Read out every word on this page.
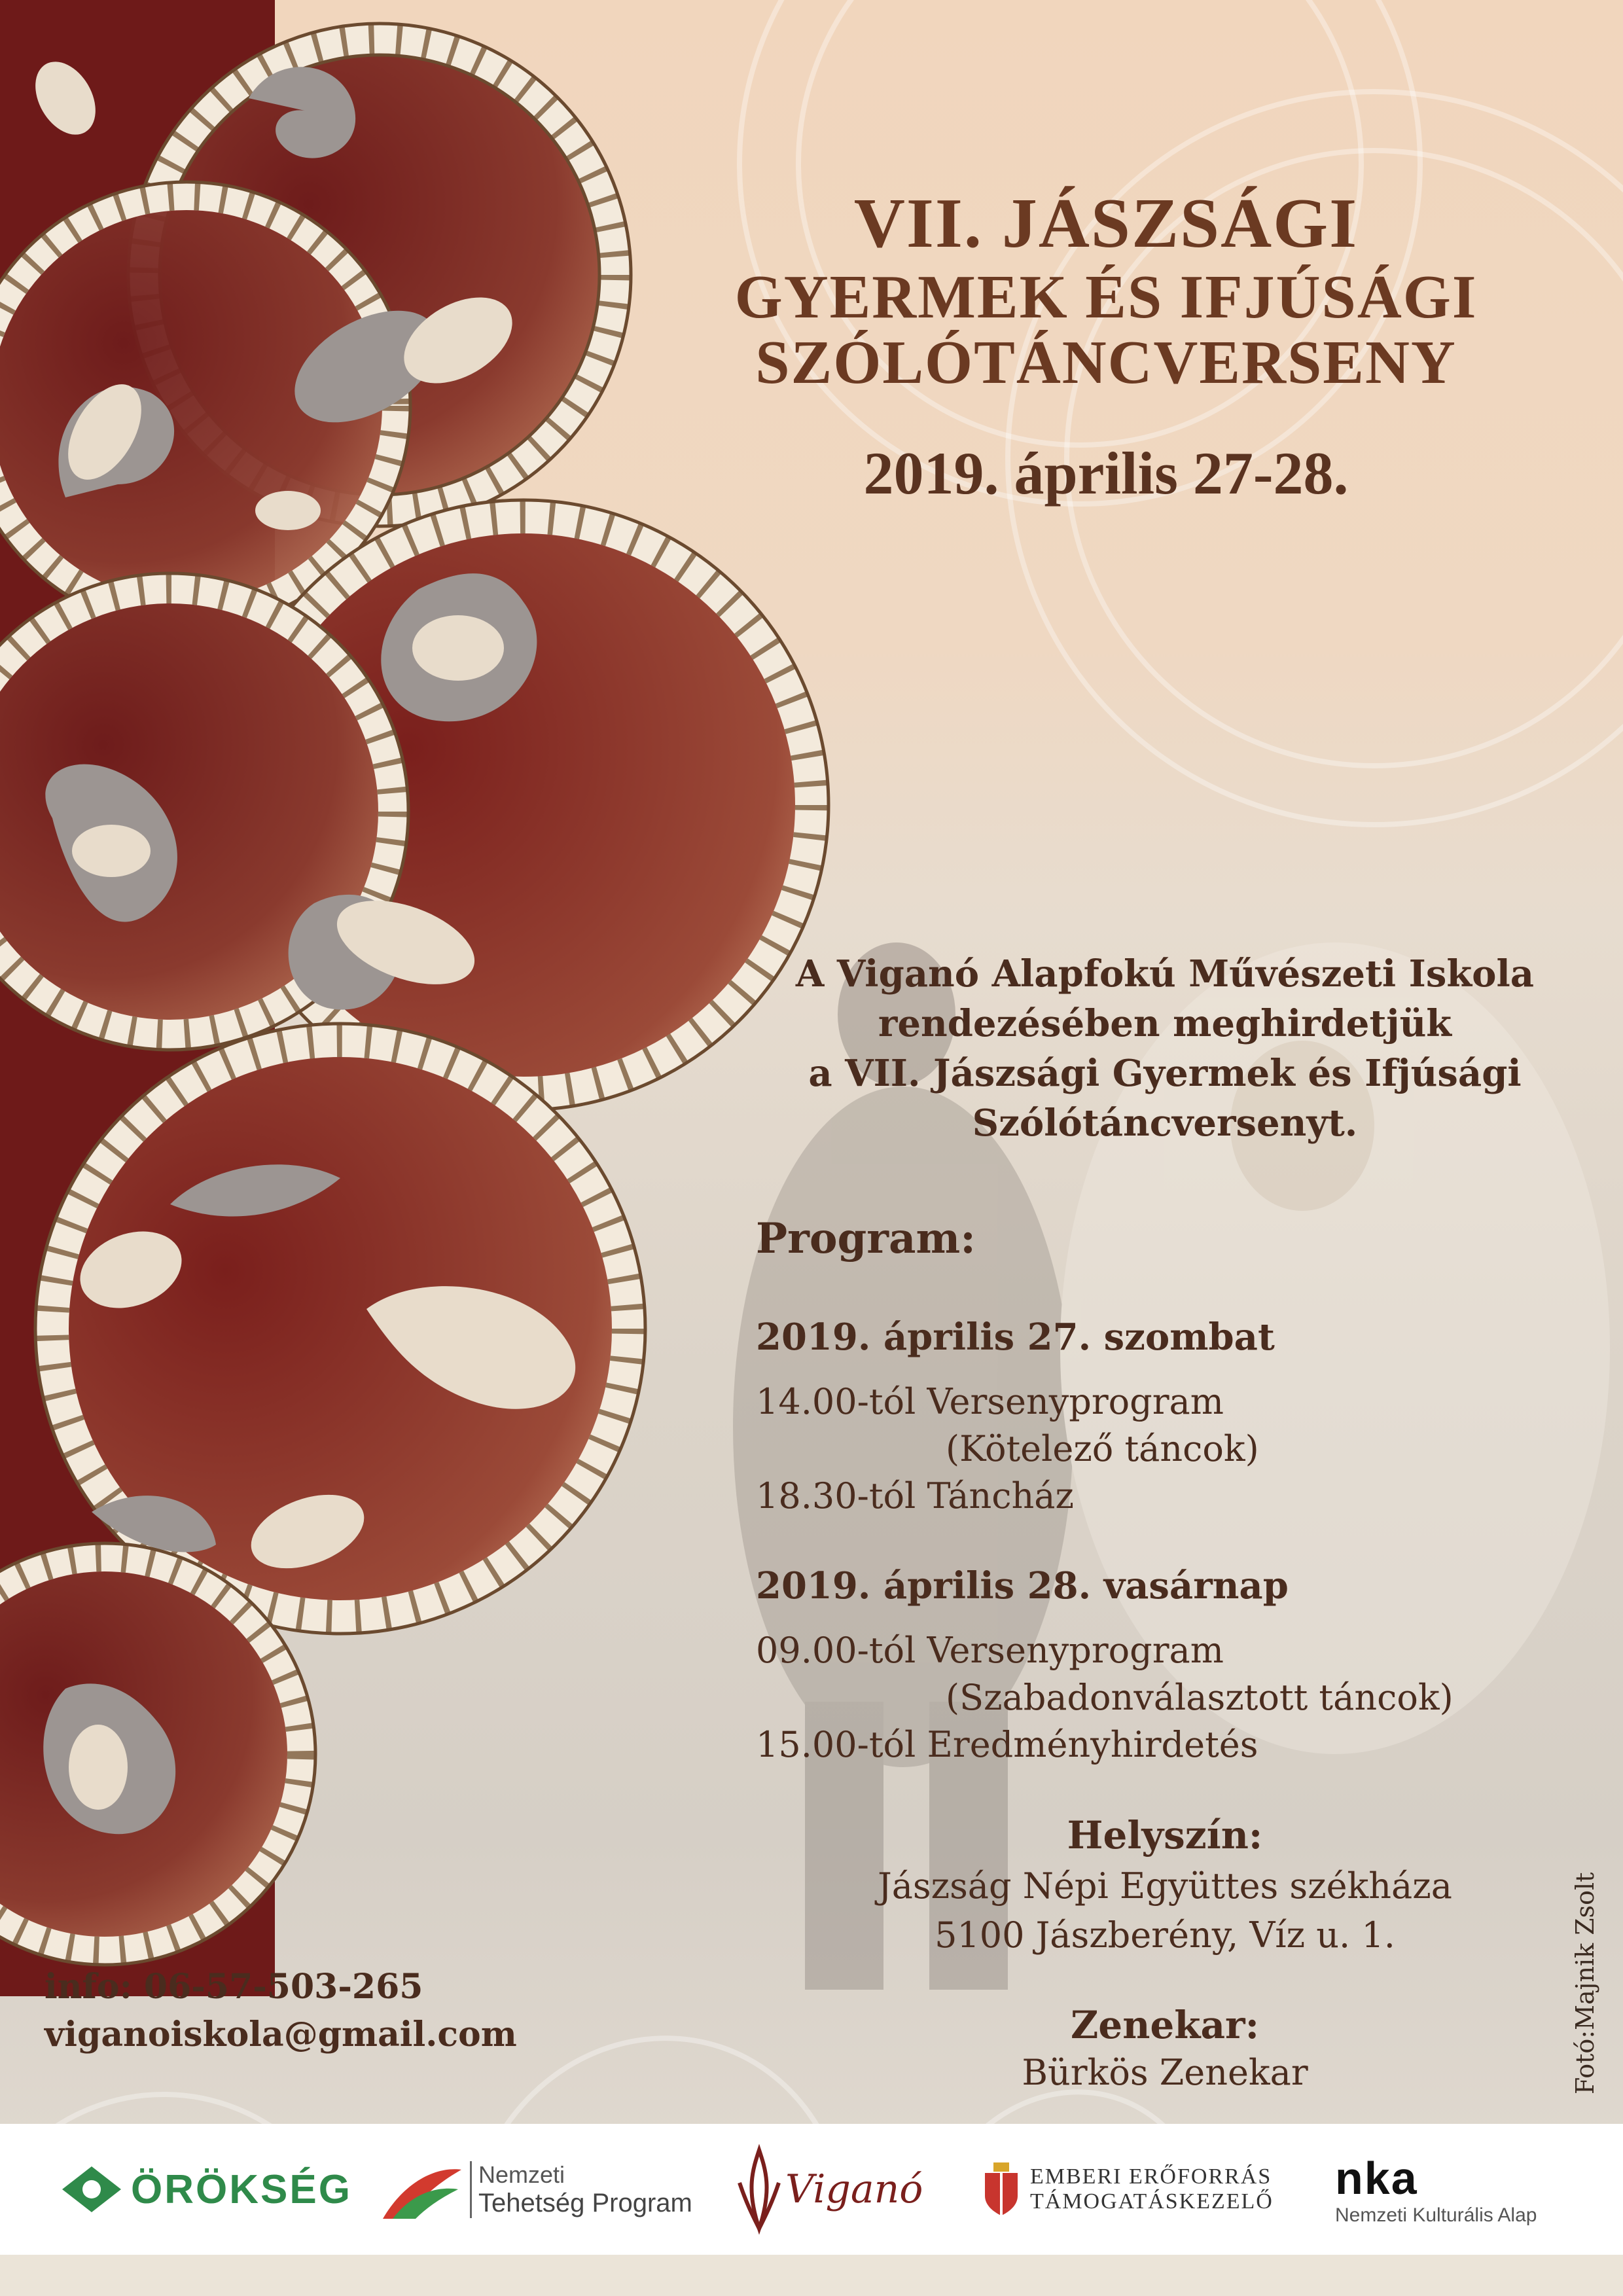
VII. JÁSZSÁGI
GYERMEK ÉS IFJÚSÁGI
SZÓLÓTÁNCVERSENY
2019. április 27-28.
A Viganó Alapfokú Művészeti Iskola
rendezésében meghirdetjük
a VII. Jászsági Gyermek és Ifjúsági
Szólótáncversenyt.
Program:
2019. április 27. szombat
14.00-tól Versenyprogram
(Kötelező táncok)
18.30-tól Táncház
2019. április 28. vasárnap
09.00-tól Versenyprogram
(Szabadonválasztott táncok)
15.00-tól Eredményhirdetés
Helyszín:
Jászság Népi Együttes székháza
5100 Jászberény, Víz u. 1.
Zenekar:
Bürkös Zenekar
info: 06-57-503-265
viganoiskola@gmail.com	Fotó:Majnik Zsolt
ÖRÖKSÉG	Nemzeti
Tehetség Program Viganó	EMBERI ERŐFORRÁS
TÁMOGATÁSKEZELŐ nka
Nemzeti Kulturális Alap
